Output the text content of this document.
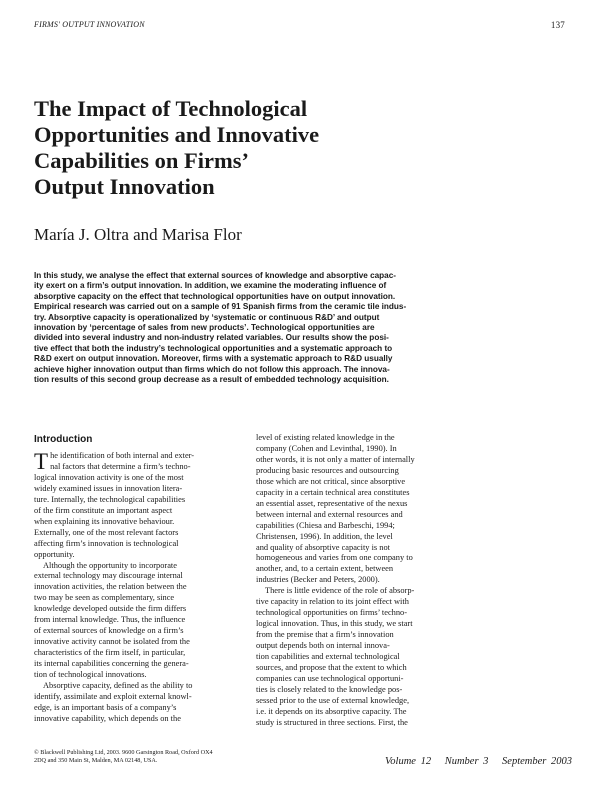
FIRMS' OUTPUT INNOVATION	137
The Impact of Technological
Opportunities and Innovative
Capabilities on Firms’
Output Innovation

María J. Oltra and Marisa Flor

In this study, we analyse the effect that external sources of knowledge and absorptive capac-
ity exert on a firm’s output innovation. In addition, we examine the moderating influence of
absorptive capacity on the effect that technological opportunities have on output innovation.
Empirical research was carried out on a sample of 91 Spanish firms from the ceramic tile indus-
try. Absorptive capacity is operationalized by ‘systematic or continuous R&D’ and output
innovation by ‘percentage of sales from new products’. Technological opportunities are
divided into several industry and non-industry related variables. Our results show the posi-
tive effect that both the industry’s technological opportunities and a systematic approach to
R&D exert on output innovation. Moreover, firms with a systematic approach to R&D usually
achieve higher innovation output than firms which do not follow this approach. The innova-
tion results of this second group decrease as a result of embedded technology acquisition.
Introduction
T he identification of both internal and exter-
nal factors that determine a firm’s techno-
logical innovation activity is one of the most
widely examined issues in innovation litera-
ture. Internally, the technological capabilities
of the firm constitute an important aspect
when explaining its innovative behaviour.
Externally, one of the most relevant factors
affecting firm’s innovation is technological
opportunity.
Although the opportunity to incorporate
external technology may discourage internal
innovation activities, the relation between the
two may be seen as complementary, since
knowledge developed outside the firm differs
from internal knowledge. Thus, the influence
of external sources of knowledge on a firm’s
innovative activity cannot be isolated from the
characteristics of the firm itself, in particular,
its internal capabilities concerning the genera-
tion of technological innovations.
Absorptive capacity, defined as the ability to
identify, assimilate and exploit external knowl-
edge, is an important basis of a company’s
innovative capability, which depends on the
level of existing related knowledge in the
company (Cohen and Levinthal, 1990). In
other words, it is not only a matter of internally
producing basic resources and outsourcing
those which are not critical, since absorptive
capacity in a certain technical area constitutes
an essential asset, representative of the nexus
between internal and external resources and
capabilities (Chiesa and Barbeschi, 1994;
Christensen, 1996). In addition, the level
and quality of absorptive capacity is not
homogeneous and varies from one company to
another, and, to a certain extent, between
industries (Becker and Peters, 2000).
There is little evidence of the role of absorp-
tive capacity in relation to its joint effect with
technological opportunities on firms’ techno-
logical innovation. Thus, in this study, we start
from the premise that a firm’s innovation
output depends both on internal innova-
tion capabilities and external technological
sources, and propose that the extent to which
companies can use technological opportuni-
ties is closely related to the knowledge pos-
sessed prior to the use of external knowledge,
i.e. it depends on its absorptive capacity. The
study is structured in three sections. First, the
© Blackwell Publishing Ltd, 2003. 9600 Garsington Road, Oxford OX4
2DQ and 350 Main St, Malden, MA 02148, USA.	Volume 12 Number 3 September 2003
